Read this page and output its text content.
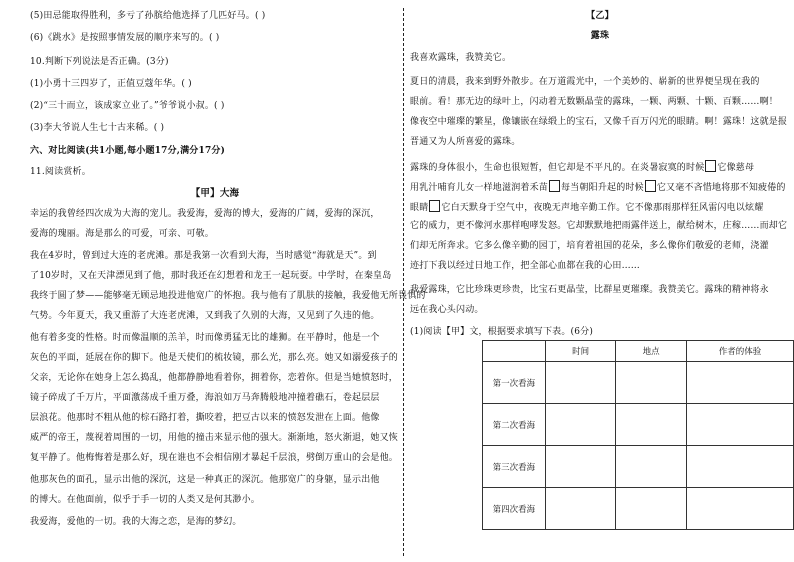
(5)田忌能取得胜利，多亏了孙膑给他选择了几匹好马。( )
(6)《跳水》是按照事情发展的顺序来写的。( )
10.判断下列说法是否正确。(3分)
(1)小勇十三四岁了，正值豆蔻年华。( )
(2)“三十而立，该成家立业了。”爷爷说小叔。( )
(3)李大爷说人生七十古来稀。( )
六、对比阅读(共1小题,每小题17分,满分17分)
11.阅读赏析。
【甲】大海
幸运的我曾经四次成为大海的宠儿。我爱海，爱海的博大，爱海的广阔，爱海的深沉，
爱海的瑰丽。海是那么的可爱，可亲、可敬。
我在4岁时，曾到过大连的老虎滩。那是我第一次看到大海，当时感觉“海就是天”。到
了10岁时，又在天津漂见到了他，那时我还在幻想着和龙王一起玩耍。中学时，在秦皇岛
我终于圆了梦——能够毫无顾忌地投进他宽广的怀抱。我与他有了肌肤的接触，我爱他无所畏惧的
气势。今年夏天，我又重游了大连老虎滩，又到我了久别的大海，又见到了久违的他。
他有着多变的性格。时而像温顺的羔羊，时而像勇猛无比的雄狮。在平静时，他是一个
灰色的平面，延展在你的脚下。他是天使们的梳妆镜，那么光，那么亮。她又如溺爱孩子的
父亲，无论你在她身上怎么捣乱，他都静静地看着你，拥着你，恋着你。但是当她愤怒时，
镜子碎成了千万片，平面激荡成千重万叠，海浪如万马奔腾般地冲撞着礁石，卷起层层
层浪花。他那时不粗从他的棕石路打着，撕咬着，把豆古以来的愤怒发泄在上面。他像
威严的帝王，蔑视着周围的一切，用他的撞击来显示他的强大。渐渐地，怒火渐退，她又恢
复平静了。他梅悔着是那么好，现在谁也不会相信刚才暴起千层浪，劈倒万重山的会是他。
他那灰色的面孔，显示出他的深沉，这是一种真正的深沉。他那宽广的身躯，显示出他
的博大。在他面前，似乎于手一切的人类又是何其渺小。
我爱海，爱他的一切。我的大海之恋，是海的梦幻。
【乙】
露珠
我喜欢露珠，我赞美它。
夏日的清晨，我来到野外散步。在万道霞光中，一个美妙的、崭新的世界便呈现在我的
眼前。看！那无边的绿叶上，闪动着无数颗晶莹的露珠，一颗、两颗、十颗、百颗……啊！
像夜空中璀璨的繁星，像镶嵌在绿缎上的宝石，又像千百万闪光的眼睛。啊！露珠！这就是报
晋通又为人所喜爱的露珠。
露珠的身体很小，生命也很短暂，但它却是不平凡的。在炎暑寂寞的时候 它像慈母
用乳汁哺育儿女一样地滋润着禾苗 每当朝阳升起的时候 它又毫不吝惜地将那不知疲倦的
眼睛 它白天默身于空气中，夜晚无声地辛勤工作。它不像那雨那样狂风雷闪电以炫耀
它的威力，更不像河水那样咆哮发怒。它却默默地把雨露伴送上，献给树木，庄稼……而却它
们却无所奔求。它多么像辛勤的园丁，培育着祖国的花朵，多么像你们敬爱的老师，浇灌
迹打下我以经过日地工作，把全部心血都在我的心田……
我爱露珠，它比珍珠更珍贵，比宝石更晶莹，比群星更璀璨。我赞美它。露珠的精神将永
远在我心头闪动。
(1)阅读【甲】文，根据要求填写下表。(6分)
	时间	地点	作者的体验
第一次看海			
第二次看海			
第三次看海			
第四次看海			
